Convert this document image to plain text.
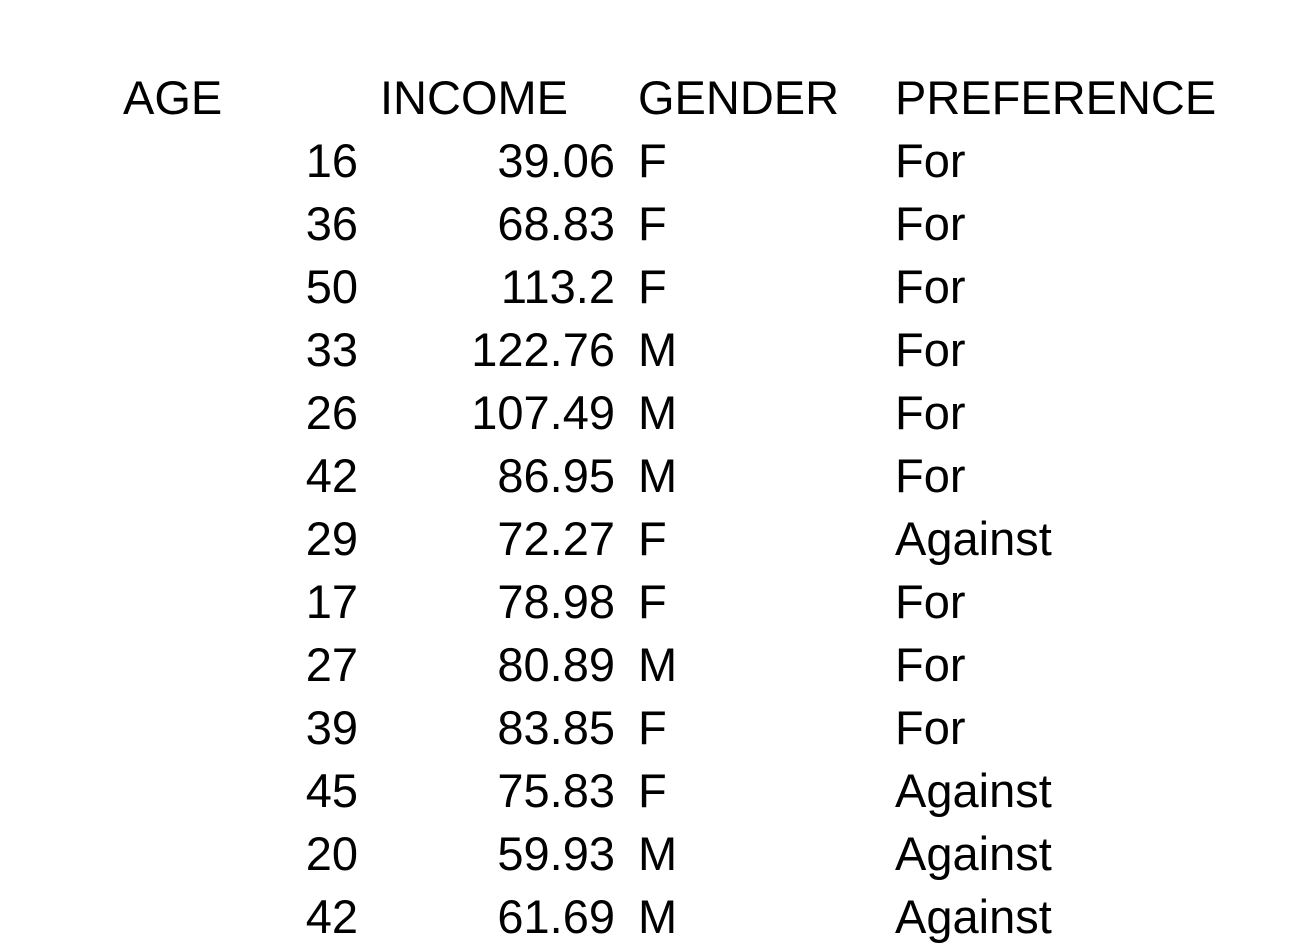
AGE	INCOME	GENDER	PREFERENCE
16	39.06 F	For
36	68.83 F	For
50	113.2 F	For
33	122.76 M	For
26	107.49 M	For
42	86.95 M	For
29	72.27 F	Against
17	78.98 F	For
27	80.89 M	For
39	83.85 F	For
45	75.83 F	Against
20	59.93 M	Against
42	61.69 M	Against
